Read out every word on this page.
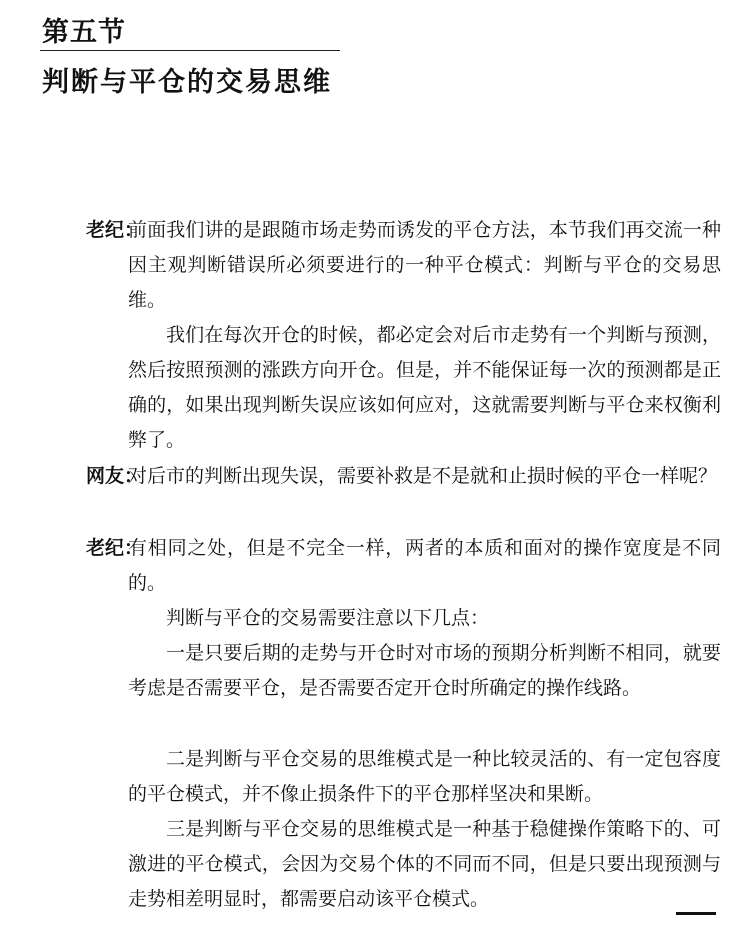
第五节
判断与平仓的交易思维
老纪：
前面我们讲的是跟随市场走势而诱发的平仓方法，本节我们再交流一种因主观判断错误所必须要进行的一种平仓模式：判断与平仓的交易思维。
我们在每次开仓的时候，都必定会对后市走势有一个判断与预测，然后按照预测的涨跌方向开仓。但是，并不能保证每一次的预测都是正确的，如果出现判断失误应该如何应对，这就需要判断与平仓来权衡利弊了。
网友：
对后市的判断出现失误，需要补救是不是就和止损时候的平仓一样呢？
老纪：
有相同之处，但是不完全一样，两者的本质和面对的操作宽度是不同的。
判断与平仓的交易需要注意以下几点：
一是只要后期的走势与开仓时对市场的预期分析判断不相同，就要考虑是否需要平仓，是否需要否定开仓时所确定的操作线路。
二是判断与平仓交易的思维模式是一种比较灵活的、有一定包容度的平仓模式，并不像止损条件下的平仓那样坚决和果断。
三是判断与平仓交易的思维模式是一种基于稳健操作策略下的、可激进的平仓模式，会因为交易个体的不同而不同，但是只要出现预测与走势相差明显时，都需要启动该平仓模式。
